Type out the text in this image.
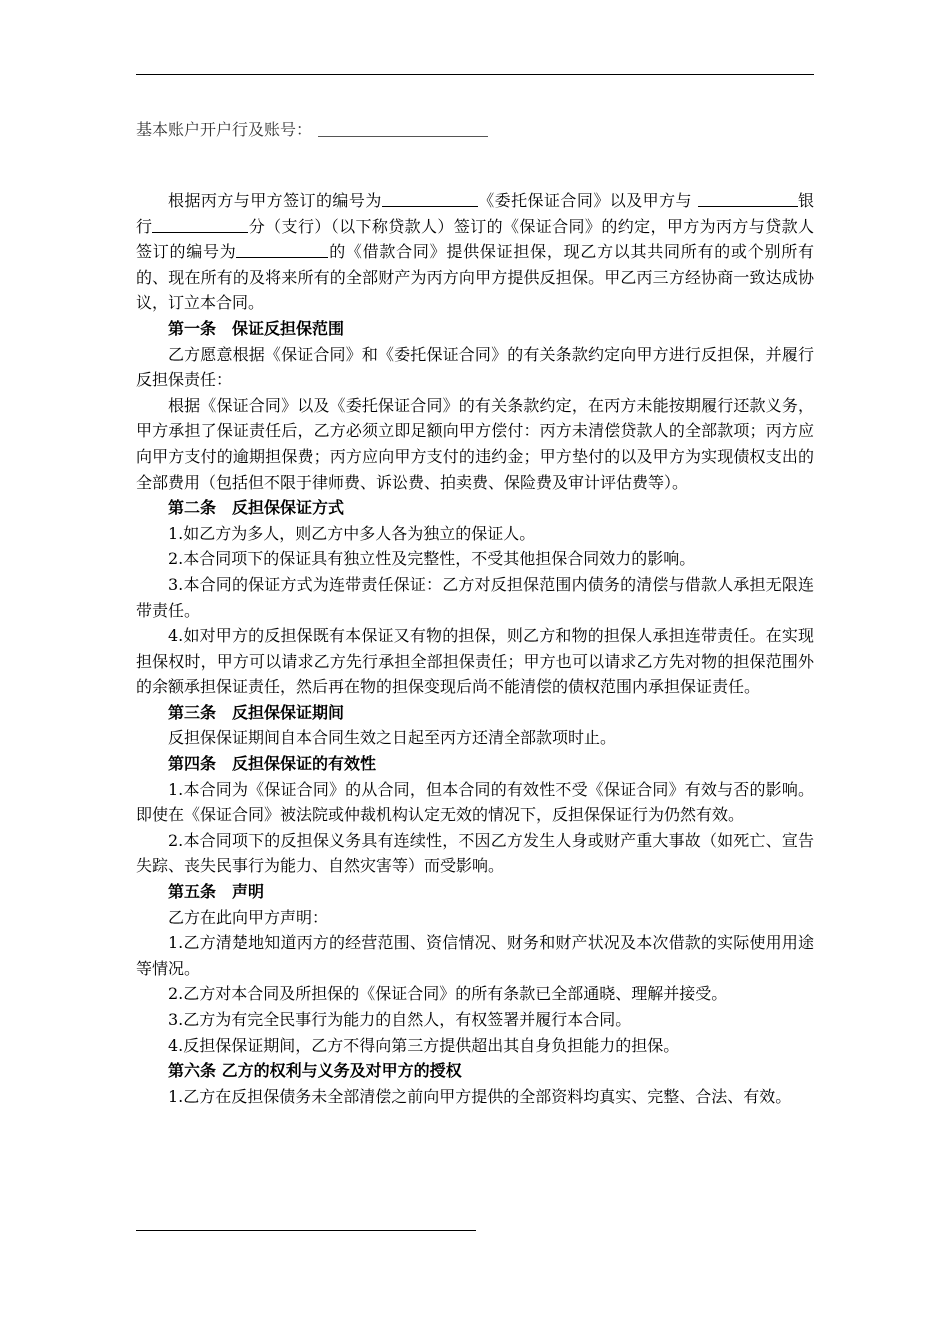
基本账户开户行及账号：

根据丙方与甲方签订的编号为	《委托保证合同》以及甲方与	银行	分（支行）（以下称贷款人）签订的《保证合同》的约定，甲方为丙方与贷款人签订的编号为	的《借款合同》提供保证担保，现乙方以其共同所有的或个别所有的、现在所有的及将来所有的全部财产为丙方向甲方提供反担保。甲乙丙三方经协商一致达成协议，订立本合同。

第一条　保证反担保范围

乙方愿意根据《保证合同》和《委托保证合同》的有关条款约定向甲方进行反担保，并履行反担保责任：

根据《保证合同》以及《委托保证合同》的有关条款约定，在丙方未能按期履行还款义务，甲方承担了保证责任后，乙方必须立即足额向甲方偿付：丙方未清偿贷款人的全部款项；丙方应向甲方支付的逾期担保费；丙方应向甲方支付的违约金；甲方垫付的以及甲方为实现债权支出的全部费用（包括但不限于律师费、诉讼费、拍卖费、保险费及审计评估费等）。

第二条　反担保保证方式

1.如乙方为多人，则乙方中多人各为独立的保证人。

2.本合同项下的保证具有独立性及完整性，不受其他担保合同效力的影响。

3.本合同的保证方式为连带责任保证：乙方对反担保范围内债务的清偿与借款人承担无限连带责任。

4.如对甲方的反担保既有本保证又有物的担保，则乙方和物的担保人承担连带责任。在实现担保权时，甲方可以请求乙方先行承担全部担保责任；甲方也可以请求乙方先对物的担保范围外的余额承担保证责任，然后再在物的担保变现后尚不能清偿的债权范围内承担保证责任。

第三条　反担保保证期间

反担保保证期间自本合同生效之日起至丙方还清全部款项时止。

第四条　反担保保证的有效性

1.本合同为《保证合同》的从合同，但本合同的有效性不受《保证合同》有效与否的影响。即使在《保证合同》被法院或仲裁机构认定无效的情况下，反担保保证行为仍然有效。

2.本合同项下的反担保义务具有连续性，不因乙方发生人身或财产重大事故（如死亡、宣告失踪、丧失民事行为能力、自然灾害等）而受影响。

第五条　声明

乙方在此向甲方声明：

1.乙方清楚地知道丙方的经营范围、资信情况、财务和财产状况及本次借款的实际使用用途等情况。

2.乙方对本合同及所担保的《保证合同》的所有条款已全部通晓、理解并接受。

3.乙方为有完全民事行为能力的自然人，有权签署并履行本合同。

4.反担保保证期间，乙方不得向第三方提供超出其自身负担能力的担保。

第六条 乙方的权利与义务及对甲方的授权

1.乙方在反担保债务未全部清偿之前向甲方提供的全部资料均真实、完整、合法、有效。
